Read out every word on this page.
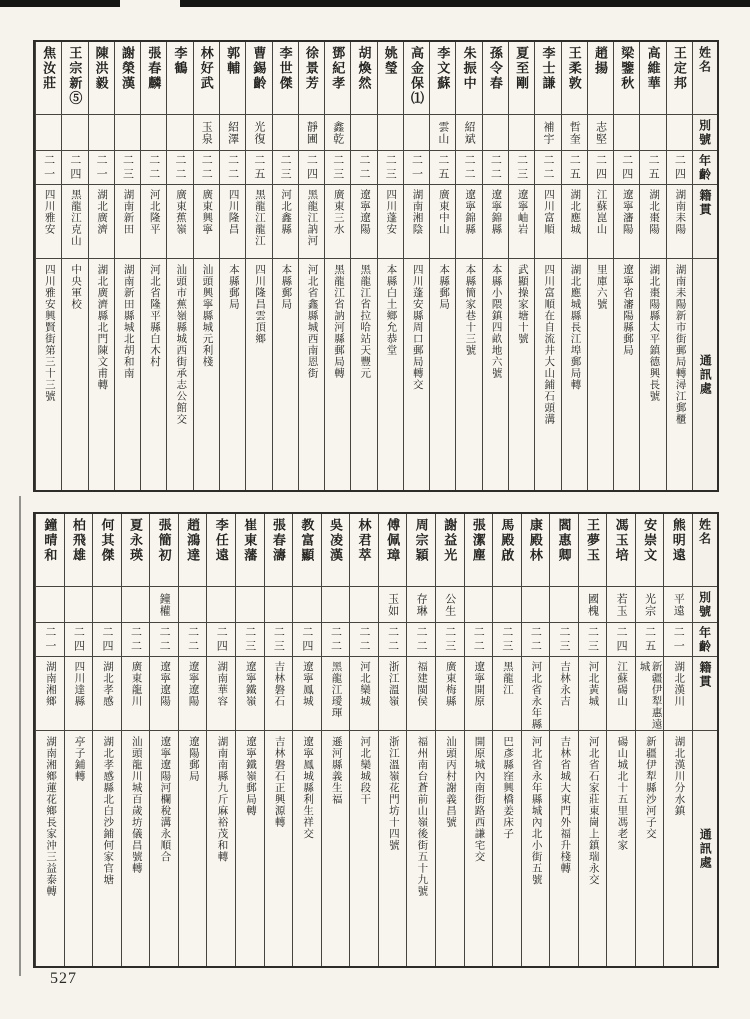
姓名
別號
年齡
籍貫
通訊處
王定邦
二四
湖南耒陽
湖南耒陽新市街郵局轉潯江郵櫃
高維華
二五
湖北棗陽
湖北棗陽縣太平鎮德興長號
梁鑒秋
二四
遼寧瀋陽
遼寧省瀋陽縣郵局
趙揚
志堅
二四
江蘇崑山
里庫六號
王柔敦
哲奎
二五
湖北應城
湖北應城縣長江埠郵局轉
李士謙
補宇
二二
四川富順
四川富順在自流井大山鋪石頭溝
夏至剛
二三
遼寧岫岩
武顯操家塘十號
孫令春
二二
遼寧錦縣
本縣小隈鎮四畝地六號
朱振中
紹斌
二二
遼寧錦縣
本縣簡家巷十三號
李文蘇
雲山
二五
廣東中山
本縣郵局
高金保⑴
二一
湖南湘陰
四川蓬安縣周口郵局轉交
姚瑩
二三
四川蓬安
本縣白土鄉允恭堂
胡煥然
二二
遼寧遼陽
黑龍江省拉哈站天豐元
鄧紀孝
鑫乾
二三
廣東三水
黑龍江省訥河縣郵局轉
徐景芳
靜圃
二四
黑龍江訥河
河北省鑫縣城西南恩街
李世傑
二三
河北鑫縣
本縣郵局
曹錫齡
光復
二五
黑龍江龍江
四川隆昌雲頂鄉
郭輔
紹澤
二二
四川隆昌
本縣郵局
林好武
玉泉
二二
廣東興寧
汕頭興寧縣城元利棧
李鶴
二二
廣東蕉嶺
汕頭市蕉嶺縣城西街承志公館交
張春麟
二二
河北隆平
河北省隆平縣白木村
謝榮漢
二三
湖南新田
湖南新田縣城北胡和南
陳洪毅
二一
湖北廣濟
湖北廣濟縣北門陳文甫轉
王宗新⑤
二四
黑龍江克山
中央軍校
焦汝莊
二一
四川雅安
四川雅安興賢街第三十三號
姓名
別號
年齡
籍貫
通訊處
熊明遠
平遠
二一
湖北漢川
湖北漢川分水鎮
安崇文
光宗
二五
新疆伊犁惠遠城
新疆伊犁縣沙河子交
馮玉培
若玉
二四
江蘇碭山
碭山城北十五里馮老家
王夢玉
國槐
二三
河北黃城
河北省石家莊東崗上鎮瑞永交
閻惠卿
二三
吉林永吉
吉林省城大東門外福升棧轉
康殿林
二二
河北省永年縣
河北省永年縣城內北小街五號
馬殿啟
二三
黑龍江
巴彥縣窪興橋姜床子
張潔塵
二二
遼寧開原
開原城內南街路西謙宅交
謝益光
公生
二三
廣東梅縣
汕頭丙村謝義昌號
周宗穎
存琳
二二
福建閩侯
福州南台蒼前山嶺後街五十九號
傅佩璋
玉如
二二
浙江溫嶺
浙江溫嶺花門坊十四號
林君萃
二二
河北欒城
河北欒城段干
吳凌漢
二二
黑龍江璦琿
遜河縣義生福
教富顯
二四
遼寧鳳城
遼寧鳳城縣利生祥交
張春濤
二三
吉林磐石
吉林磐石正興源轉
崔東藩
二三
遼寧鐵嶺
遼寧鐵嶺郵局轉
李任遠
二四
湖南華容
湖南南縣九斤麻裕茂和轉
趙鴻達
二二
遼寧遼陽
遼陽郵局
張簡初
鐘權
二二
遼寧遼陽
遼寧遼陽河欄稅溝永順合
夏永瑛
二二
廣東龍川
汕頭龍川城百歲坊儀昌號轉
何其傑
二四
湖北孝感
湖北孝感縣北白沙鋪何家官塘
柏飛雄
二四
四川達縣
亭子鋪轉
鐘晴和
二一
湖南湘鄉
湖南湘鄉蓮花鄉長家沖三益泰轉
527
